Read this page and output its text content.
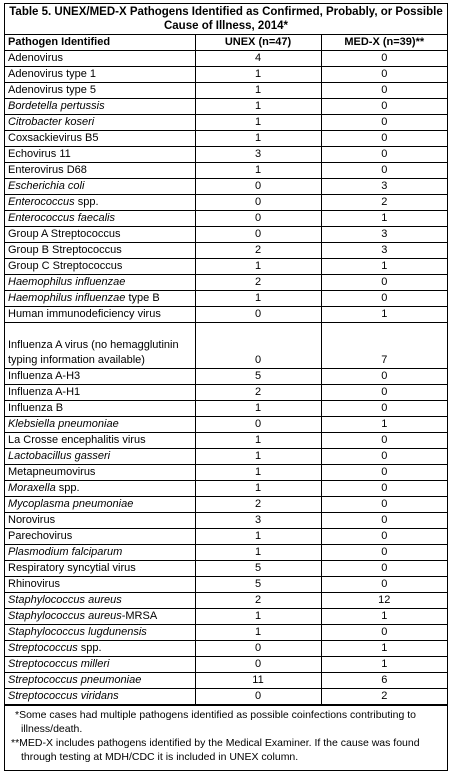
Table 5. UNEX/MED-X Pathogens Identified as Confirmed, Probably, or Possible Cause of Illness, 2014*
Pathogen Identified	UNEX (n=47)	MED-X (n=39)**
Adenovirus	4	0
Adenovirus type 1	1	0
Adenovirus type 5	1	0
Bordetella pertussis	1	0
Citrobacter koseri	1	0
Coxsackievirus B5	1	0
Echovirus 11	3	0
Enterovirus D68	1	0
Escherichia coli	0	3
Enterococcus spp.	0	2
Enterococcus faecalis	0	1
Group A Streptococcus	0	3
Group B Streptococcus	2	3
Group C Streptococcus	1	1
Haemophilus influenzae	2	0
Haemophilus influenzae type B	1	0
Human immunodeficiency virus	0	1
Influenza A virus (no hemagglutinin typing information available)	0	7
Influenza A-H3	5	0
Influenza A-H1	2	0
Influenza B	1	0
Klebsiella pneumoniae	0	1
La Crosse encephalitis virus	1	0
Lactobacillus gasseri	1	0
Metapneumovirus	1	0
Moraxella spp.	1	0
Mycoplasma pneumoniae	2	0
Norovirus	3	0
Parechovirus	1	0
Plasmodium falciparum	1	0
Respiratory syncytial virus	5	0
Rhinovirus	5	0
Staphylococcus aureus	2	12
Staphylococcus aureus-MRSA	1	1
Staphylococcus lugdunensis	1	0
Streptococcus spp.	0	1
Streptococcus milleri	0	1
Streptococcus pneumoniae	11	6
Streptococcus viridans	0	2
*Some cases had multiple pathogens identified as possible coinfections contributing to illness/death.
**MED-X includes pathogens identified by the Medical Examiner. If the cause was found through testing at MDH/CDC it is included in UNEX column.
